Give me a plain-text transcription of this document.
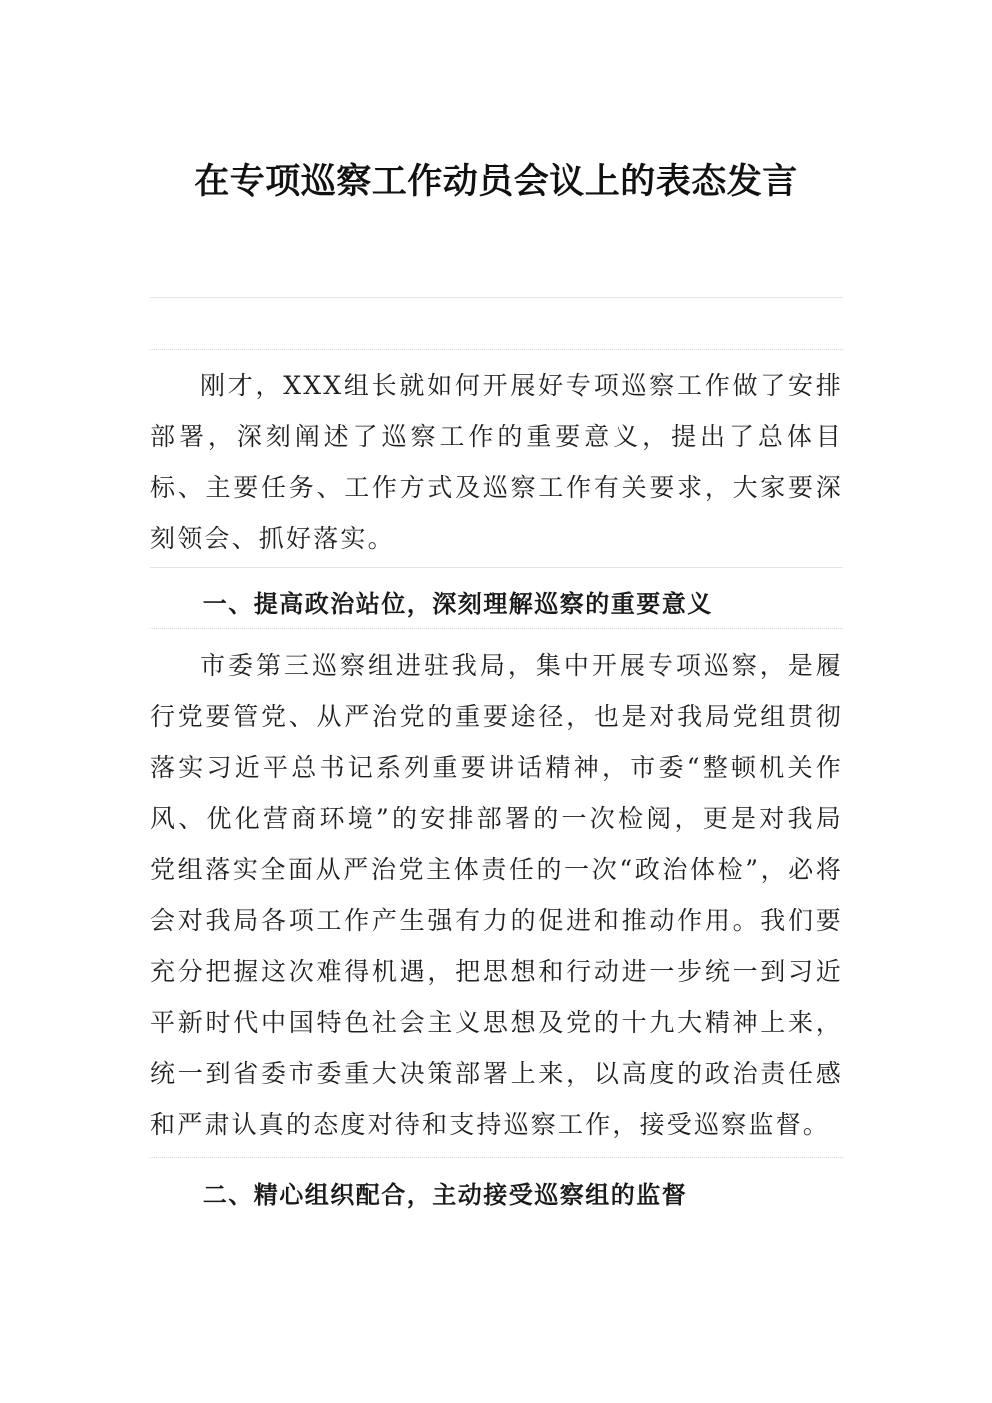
在专项巡察工作动员会议上的表态发言

刚才，XXX组长就如何开展好专项巡察工作做了安排部署，深刻阐述了巡察工作的重要意义，提出了总体目标、主要任务、工作方式及巡察工作有关要求，大家要深刻领会、抓好落实。

一、提高政治站位，深刻理解巡察的重要意义

市委第三巡察组进驻我局，集中开展专项巡察，是履行党要管党、从严治党的重要途径，也是对我局党组贯彻落实习近平总书记系列重要讲话精神，市委“整顿机关作风、优化营商环境”的安排部署的一次检阅，更是对我局党组落实全面从严治党主体责任的一次“政治体检”，必将会对我局各项工作产生强有力的促进和推动作用。我们要充分把握这次难得机遇，把思想和行动进一步统一到习近平新时代中国特色社会主义思想及党的十九大精神上来，统一到省委市委重大决策部署上来，以高度的政治责任感和严肃认真的态度对待和支持巡察工作，接受巡察监督。

二、精心组织配合，主动接受巡察组的监督
